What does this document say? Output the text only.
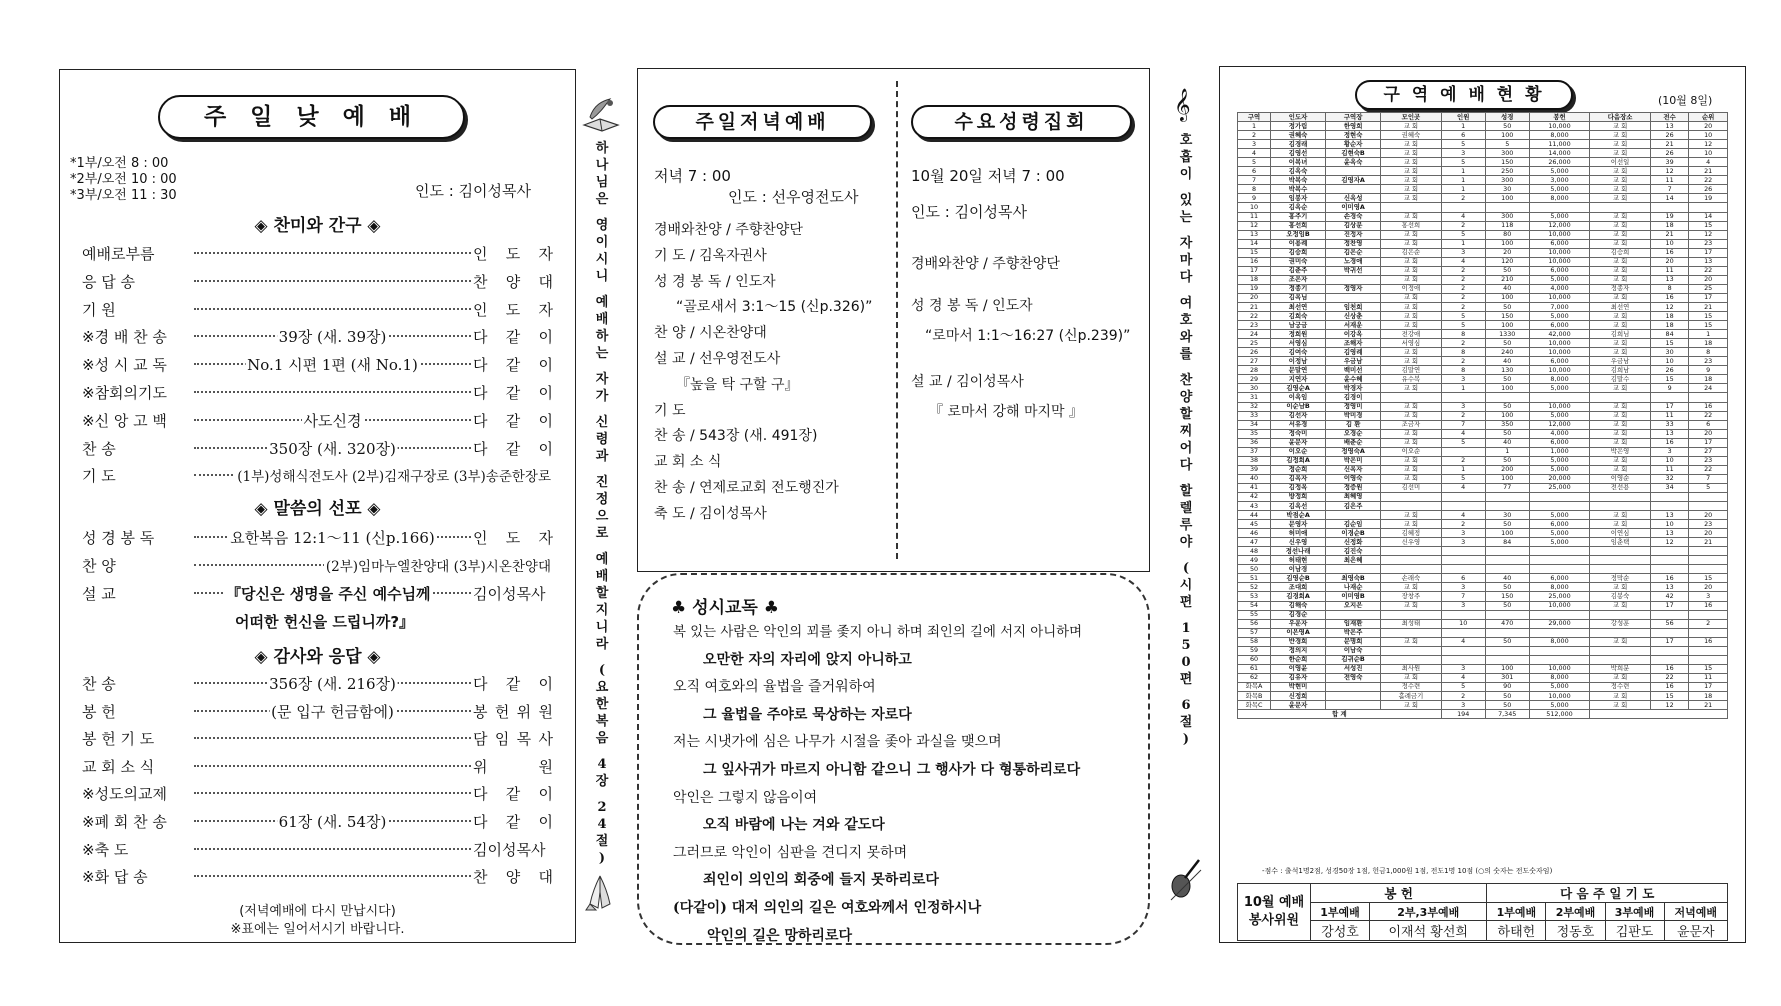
주 일 낮 예 배
*1부/오전 8 : 00
*2부/오전 10 : 00
*3부/오전 11 : 30	인도 : 김이성목사
◈ 찬미와 간구 ◈
예배로부름	인 도 자
응 답 송	찬 양 대
기 원	인 도 자
※경 배 찬 송	39장 (새. 39장)	다 같 이
※성 시 교 독	No.1 시편 1편 (새 No.1)	다 같 이
※참회의기도	다 같 이
※신 앙 고 백	사도신경	다 같 이
찬 송	350장 (새. 320장)	다 같 이
기 도	(1부)성해식전도사 (2부)김재구장로 (3부)송준한장로
◈ 말씀의 선포 ◈
성 경 봉 독	요한복음 12:1～11 (신p.166)	인 도 자
찬 양	(2부)임마누엘찬양대 (3부)시온찬양대
설 교	『당신은 생명을 주신 예수님께	김이성목사
어떠한 헌신을 드립니까?』
◈ 감사와 응답 ◈
찬 송	356장 (새. 216장)	다 같 이
봉 헌	(문 입구 헌금함에)	봉 헌 위 원
봉 헌 기 도	담 임 목 사
교 회 소 식	위 원
※성도의교제	다 같 이
※폐 회 찬 송	61장 (새. 54장)	다 같 이
※축 도	김이성목사
※화 답 송	찬 양 대
(저녁예배에 다시 만납시다)
※표에는 일어서시기 바랍니다.
하
나
님
은
영
이
시
니
예
배
하
는
자
가
신
령
과
진
정
으
로
예
배
할
지
니
라
(
요
한
복
음
4
장
2
4
절
)
주일저녁예배
저녁 7 : 00
인도 : 선우영전도사
경배와찬양 / 주향찬양단
기 도 / 김옥자권사
성 경 봉 독 / 인도자
“골로새서 3:1～15 (신p.326)”
찬 양 / 시온찬양대
설 교 / 선우영전도사
『높을 탁 구할 구』
기 도
찬 송 / 543장 (새. 491장)
교 회 소 식
찬 송 / 연제로교회 전도행진가
축 도 / 김이성목사
수요성령집회
10월 20일 저녁 7 : 00
인도 : 김이성목사
경배와찬양 / 주향찬양단
성 경 봉 독 / 인도자
“로마서 1:1～16:27 (신p.239)”
설 교 / 김이성목사
『 로마서 강해 마지막 』
♣ 성시교독 ♣
복 있는 사람은 악인의 꾀를 좇지 아니 하며 죄인의 길에 서지 아니하며
오만한 자의 자리에 앉지 아니하고
오직 여호와의 율법을 즐거워하여
그 율법을 주야로 묵상하는 자로다
저는 시냇가에 심은 나무가 시절을 좇아 과실을 맺으며
그 잎사귀가 마르지 아니함 같으니 그 행사가 다 형통하리로다
악인은 그렇지 않음이여
오직 바람에 나는 겨와 같도다
그러므로 악인이 심판을 견디지 못하며
죄인이 의인의 회중에 들지 못하리로다
(다같이) 대저 의인의 길은 여호와께서 인정하시나
악인의 길은 망하리로다
𝄞
호
흡
이
있
는
자
마
다
여
호
와
를
찬
양
할
찌
어
다
할
렐
루
야
(
시
편
1
5
0
편
6
절
)
구 역 예 배 현 황	(10월 8일)
구역	인도자	구역장	모인곳	인원	성경	봉헌	다음장소	전수	순위
1	정가림	한영희	교 회	1	50	10,000	교 회	13	20
2	권혜숙	정현숙	권혜숙	6	100	8,000	교 회	26	10
3	김경래	황순자	교 회	5	5	11,000	교 회	21	12
4	김영선	김현숙B	교 회	3	300	14,000	교 회	26	10
5	이복녀	윤옥숙	교 회	5	150	26,000	이선일	39	4
6	김옥숙		교 회	1	250	5,000	교 회	12	21
7	박복숙	김영자A	교 회	1	300	3,000	교 회	11	22
8	박복수		교 회	1	30	5,000	교 회	7	26
9	임봉자	신옥성	교 회	2	100	8,000	교 회	14	19
10	김옥순	이미영A							
11	홍주기	손경숙	교 회	4	300	5,000	교 회	19	14
12	홍선희	김상분	홍선희	2	118	12,000	교 회	18	15
13	오정임B	진정자	교 회	5	80	10,000	교 회	21	12
14	이용례	정찬영	교 회	1	100	6,000	교 회	10	23
15	김승희	김은순	김은순	3	20	10,000	김승희	16	17
16	권미숙	노경애	교 회	4	120	10,000	교 회	20	13
17	김춘주	박귀선	교 회	2	50	6,000	교 회	11	22
18	조은자		교 회	2	210	5,000	교 회	13	20
19	정종기	정영자	이정애	2	40	4,000	정종자	8	25
20	김옥님		교 회	2	100	10,000	교 회	16	17
21	최선연	임천희	교 회	2	50	7,000	최선연	12	21
22	김희숙	신상춘	교 회	5	150	5,000	교 회	18	15
23	남궁금	서재운	교 회	5	100	6,000	교 회	18	15
24	정희원	이강옥	전강애	8	1330	42,000	김희님	84	1
25	서영심	조해자	서영심	2	50	10,000	교 회	15	18
26	김여숙	김영례	교 회	8	240	10,000	교 회	30	8
27	이정남	우금남	교 회	2	40	6,000	우금남	10	23
28	문말연	백미선	김말연	8	130	10,000	김희남	26	9
29	지연자	윤수혜	유수복	3	50	8,000	김말수	15	18
30	김영순A	박경자	교 회	1	100	5,000	교 회	9	24
31	이옥임	김경이							
32	이순남B	정영미	교 회	3	50	10,000	교 회	17	16
33	김선자	박미경	교 회	2	100	5,000	교 회	11	22
34	서유경	김 환	조금자	7	350	12,000	교 회	33	6
35	정숙미	오경순	교 회	4	50	4,000	교 회	13	20
36	윤문자	배춘순	교 회	5	40	6,000	교 회	16	17
37	이오순	정영숙A	이오순		1	1,000	박은영	3	27
38	김정희A	박은미	교 회	2	50	5,000	교 회	10	23
39	정순희	신옥자	교 회	1	200	5,000	교 회	11	22
40	김옥자	이영숙	교 회	5	100	20,000	이영순	32	7
41	김정옥	정증원	김선미	4	77	25,000	전선용	34	5
42	방정희	최혜영							
43	김옥선	김은주							
44	박점순A		교 회	4	30	5,000	교 회	13	20
45	문영자	김순임	교 회	2	50	6,000	교 회	10	23
46	허미애	이경순B	김혜정	3	100	5,000	이연심	13	20
47	신우영	신정화	신우영	3	84	5,000	임춘택	12	21
48	정선나래	김진숙							
49	허태현	최은혜							
50	이남경								
51	김영순B	최영숙B	손래숙	6	40	6,000	정막순	16	15
52	조대희	나재순	교 회	3	50	8,000	교 회	13	20
53	김경희A	이미영B	장창주	7	150	25,000	김봉숙	42	3
54	김해숙	오지은	교 회	3	50	10,000	교 회	17	16
55	김경순								
56	우운자	임재환	최성태	10	470	29,000	강성훈	56	2
57	이은영A	박은주							
58	반경희	문명희	교 회	4	50	8,000	교 회	17	16
59	정의지	이남숙							
60	한순희	김귀순B							
61	이영윤	서성진	최사원	3	100	10,000	박희분	16	15
62	김유자	전영숙	교 회	4	301	8,000	교 회	22	11
화목A	박현미		정수련	5	90	5,000	정수련	16	17
화목B	신정희		홀례금기	2	50	10,000	교 회	15	18
화목C	윤문자		교 회	3	50	5,000	교 회	12	21
합 계				194	7,345	512,000			
-점수 : 출석1명2점, 성경50장 1점, 헌금1,000원 1점, 전도1명 10점 (○의 숫자는 전도숫자임)
10월 예배
봉사위원	봉 헌		다 음 주 일 기 도			
	1부예배	2부,3부예배	1부예배	2부예배	3부예배	저녁예배
	강성호	이재석 황선희	하태헌	정동호	김판도	윤문자
